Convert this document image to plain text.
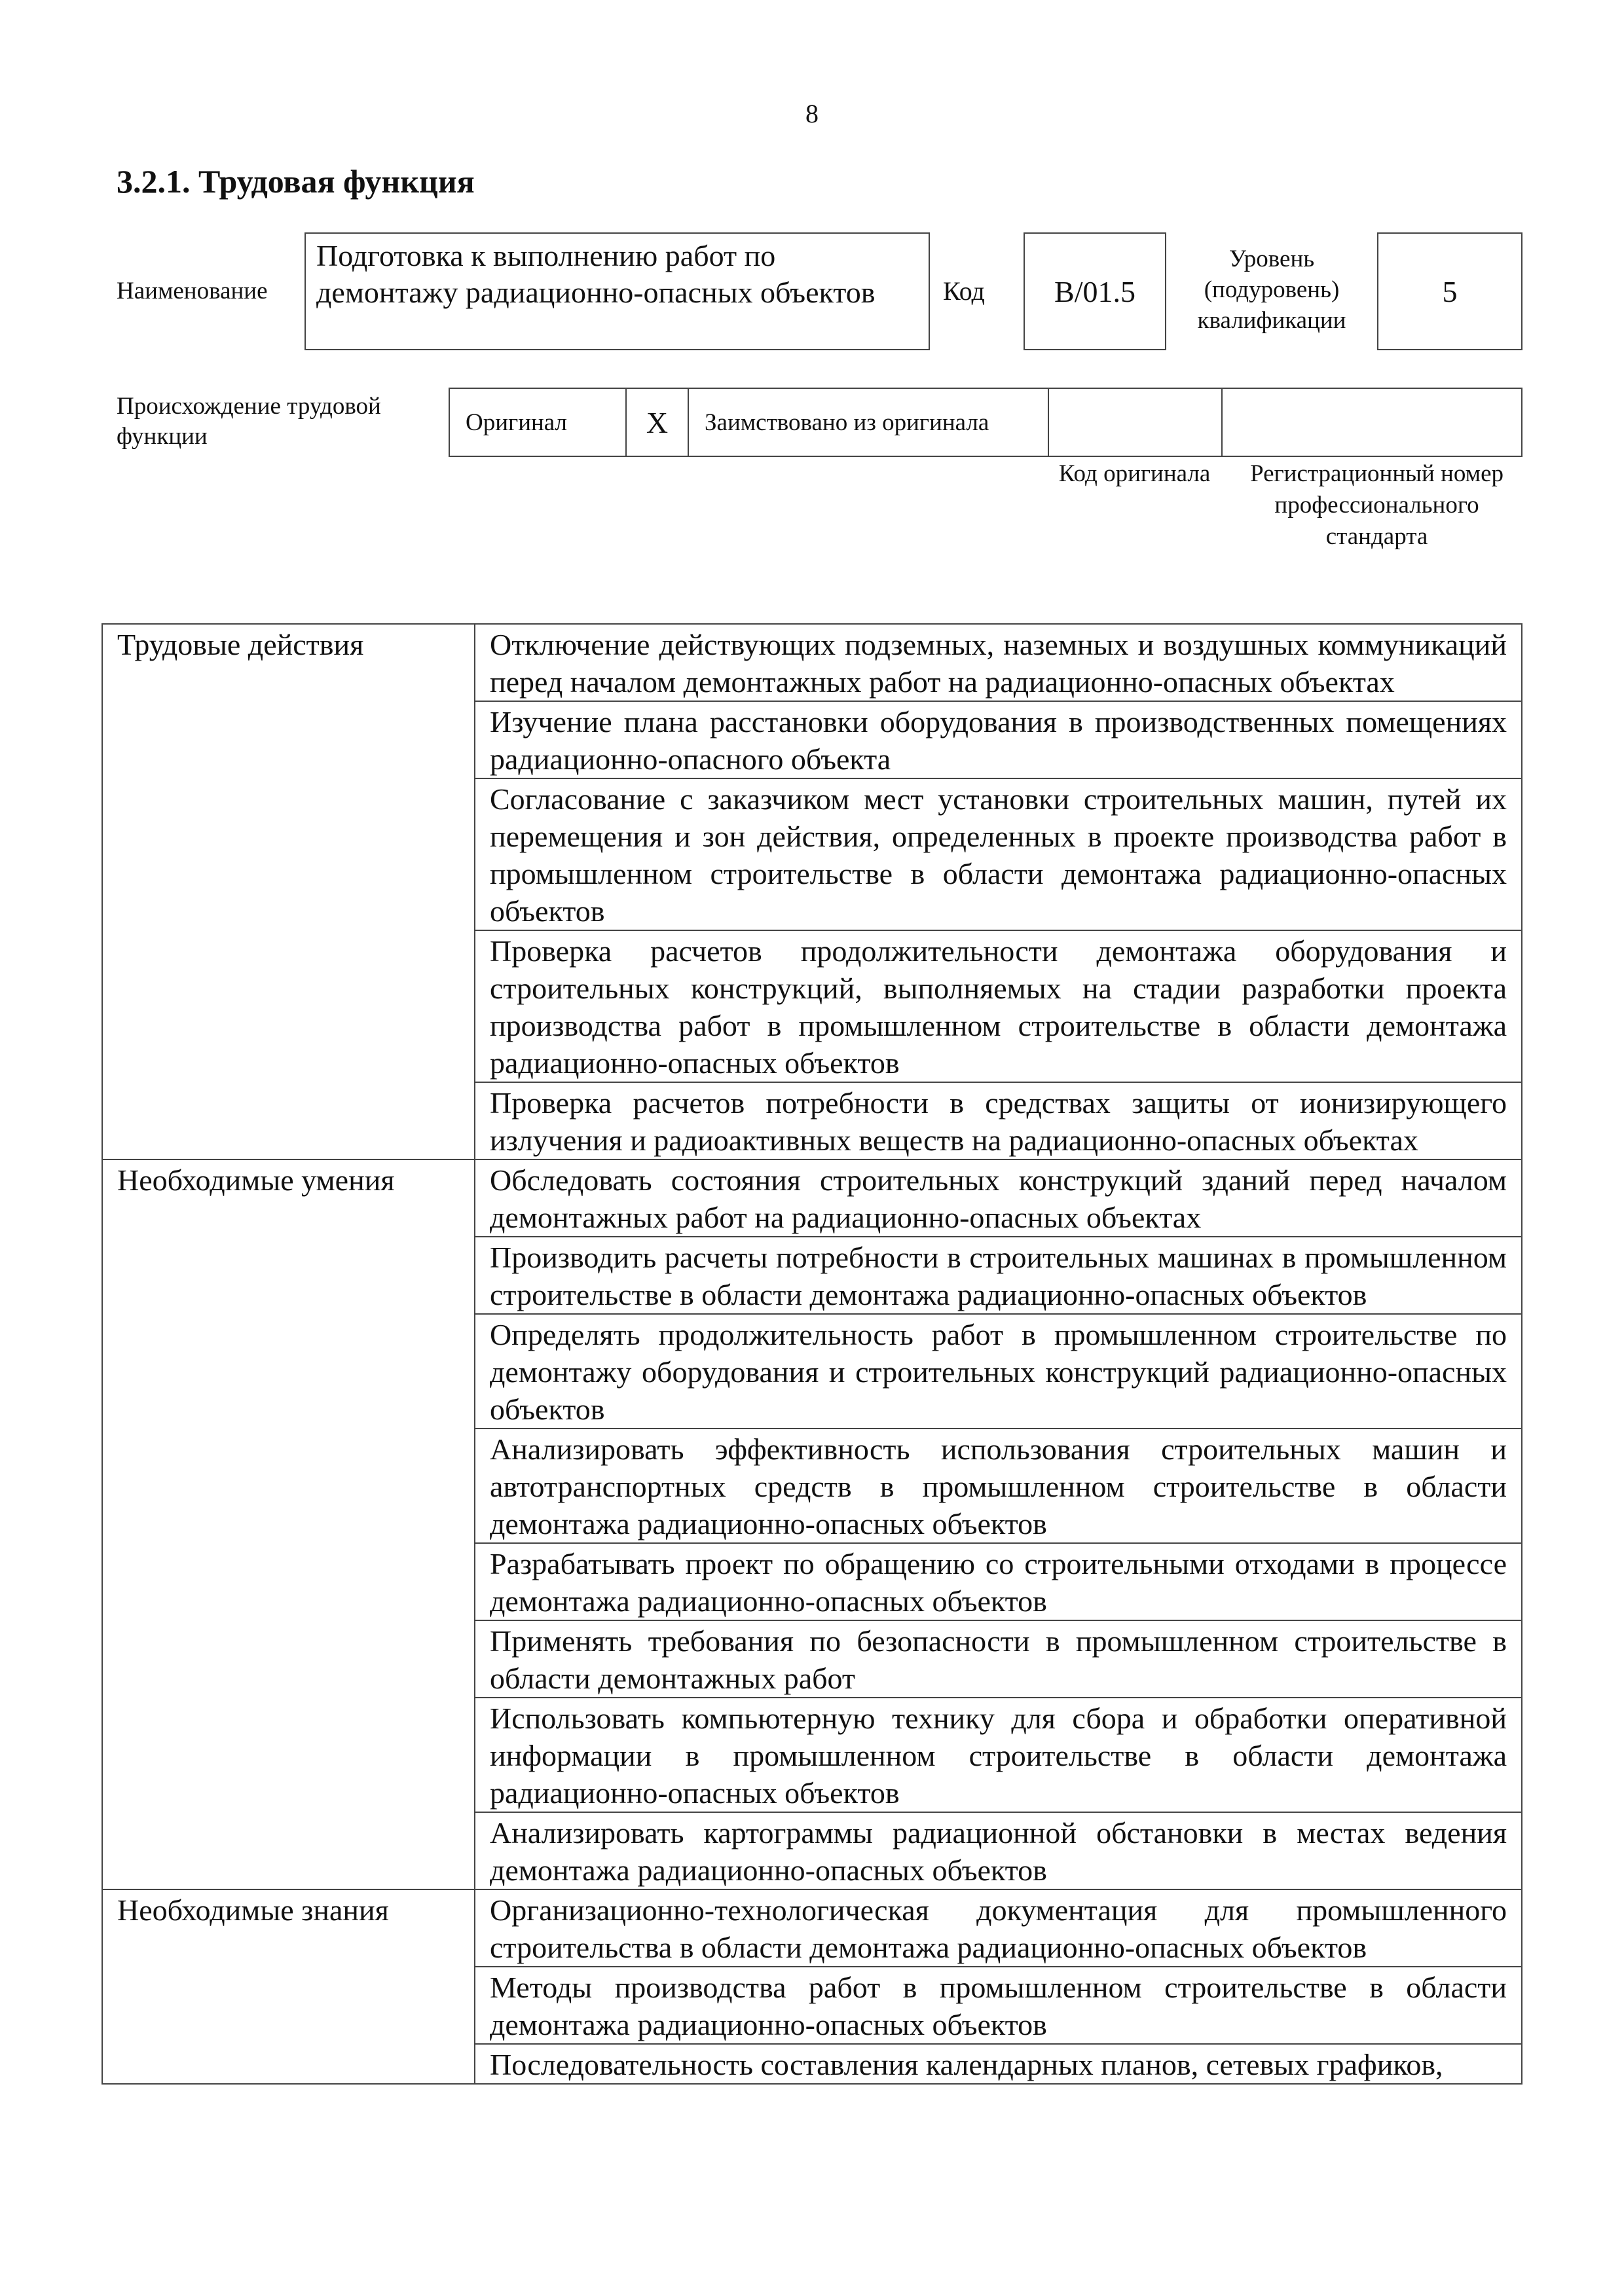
8
3.2.1. Трудовая функция
Наименование
Подготовка к выполнению работ по демонтажу радиационно-опасных объектов	Код B/01.5
Уровень
(подуровень)
квалификации
5
Происхождение трудовой функции
Оригинал	X Заимствовано из оригинала
Код оригинала	Регистрационный номер профессионального стандарта
Трудовые действия	Отключение действующих подземных, наземных и воздушных коммуникаций перед началом демонтажных работ на радиационно-опасных объектах
	Изучение плана расстановки оборудования в производственных помещениях радиационно-опасного объекта
	Согласование с заказчиком мест установки строительных машин, путей их перемещения и зон действия, определенных в проекте производства работ в промышленном строительстве в области демонтажа радиационно-опасных объектов
	Проверка расчетов продолжительности демонтажа оборудования и строительных конструкций, выполняемых на стадии разработки проекта производства работ в промышленном строительстве в области демонтажа радиационно-опасных объектов
	Проверка расчетов потребности в средствах защиты от ионизирующего излучения и радиоактивных веществ на радиационно-опасных объектах
Необходимые умения	Обследовать состояния строительных конструкций зданий перед началом демонтажных работ на радиационно-опасных объектах
	Производить расчеты потребности в строительных машинах в промышленном строительстве в области демонтажа радиационно-опасных объектов
	Определять продолжительность работ в промышленном строительстве по демонтажу оборудования и строительных конструкций радиационно-опасных объектов
	Анализировать эффективность использования строительных машин и автотранспортных средств в промышленном строительстве в области демонтажа радиационно-опасных объектов
	Разрабатывать проект по обращению со строительными отходами в процессе демонтажа радиационно-опасных объектов
	Применять требования по безопасности в промышленном строительстве в области демонтажных работ
	Использовать компьютерную технику для сбора и обработки оперативной информации в промышленном строительстве в области демонтажа радиационно-опасных объектов
	Анализировать картограммы радиационной обстановки в местах ведения демонтажа радиационно-опасных объектов
Необходимые знания	Организационно-технологическая документация для промышленного строительства в области демонтажа радиационно-опасных объектов
	Методы производства работ в промышленном строительстве в области демонтажа радиационно-опасных объектов
	Последовательность составления календарных планов, сетевых графиков,
